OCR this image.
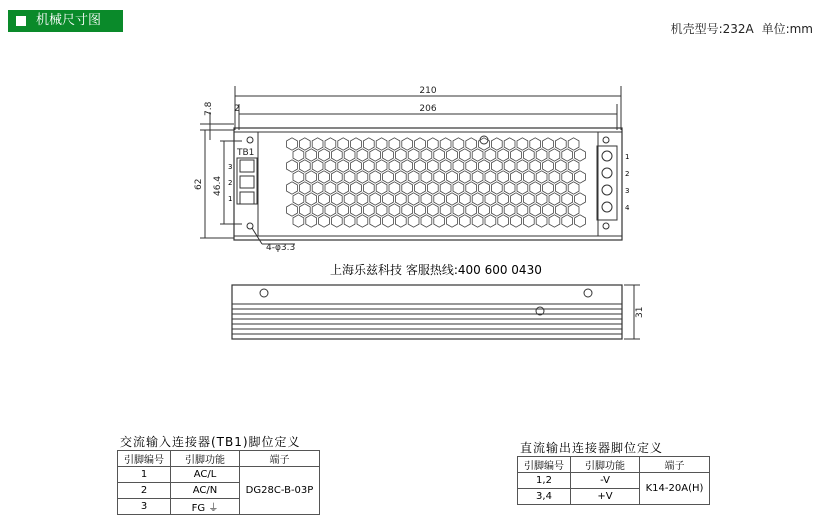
机械尺寸图
机壳型号:232A 单位:mm
3
2
1
1
2
3
4
210
206
2
7.8
62 46.4
4-φ3.3
31
TB1
上海乐兹科技 客服热线:400 600 0430
交流输入连接器(TB1)脚位定义
引脚编号	引脚功能	端子
1	AC/L	DG28C-B-03P
2	AC/N	
3	FG ⏚	
直流输出连接器脚位定义
引脚编号	引脚功能	端子
1,2	-V	K14-20A(H)
3,4	+V	
